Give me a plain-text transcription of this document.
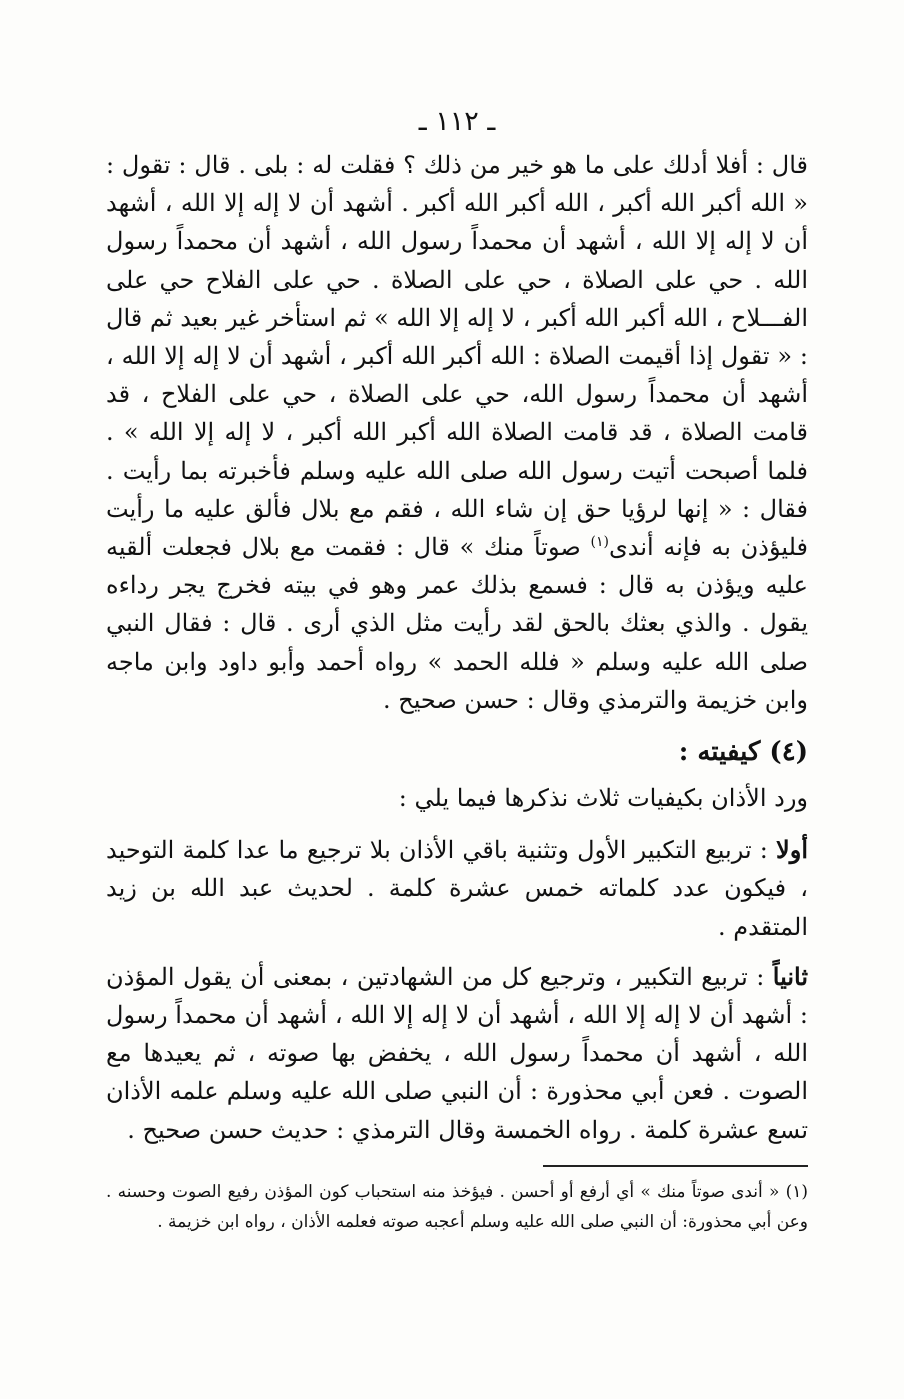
ـ ١١٢ ـ

قال : أفلا أدلك على ما هو خير من ذلك ؟ فقلت له : بلى . قال : تقول : « الله أكبر الله أكبر ، الله أكبر الله أكبر . أشهد أن لا إله إلا الله ، أشهد أن لا إله إلا الله ، أشهد أن محمداً رسول الله ، أشهد أن محمداً رسول الله . حي على الصلاة ، حي على الصلاة . حي على الفلاح حي على الفـــلاح ، الله أكبر الله أكبر ، لا إله إلا الله » ثم استأخر غير بعيد ثم قال : « تقول إذا أقيمت الصلاة : الله أكبر الله أكبر ، أشهد أن لا إله إلا الله ، أشهد أن محمداً رسول الله، حي على الصلاة ، حي على الفلاح ، قد قامت الصلاة ، قد قامت الصلاة الله أكبر الله أكبر ، لا إله إلا الله » . فلما أصبحت أتيت رسول الله صلى الله عليه وسلم فأخبرته بما رأيت . فقال : « إنها لرؤيا حق إن شاء الله ، فقم مع بلال فألق عليه ما رأيت فليؤذن به فإنه أندى$^{(١)}$ صوتاً منك » قال : فقمت مع بلال فجعلت ألقيه عليه ويؤذن به قال : فسمع بذلك عمر وهو في بيته فخرج يجر رداءه يقول . والذي بعثك بالحق لقد رأيت مثل الذي أرى . قال : فقال النبي صلى الله عليه وسلم « فلله الحمد » رواه أحمد وأبو داود وابن ماجه وابن خزيمة والترمذي وقال : حسن صحيح .

(٤) كيفيته :

ورد الأذان بكيفيات ثلاث نذكرها فيما يلي :

أولا : تربيع التكبير الأول وتثنية باقي الأذان بلا ترجيع ما عدا كلمة التوحيد ، فيكون عدد كلماته خمس عشرة كلمة . لحديث عبد الله بن زيد المتقدم .

ثانياً : تربيع التكبير ، وترجيع كل من الشهادتين ، بمعنى أن يقول المؤذن : أشهد أن لا إله إلا الله ، أشهد أن لا إله إلا الله ، أشهد أن محمداً رسول الله ، أشهد أن محمداً رسول الله ، يخفض بها صوته ، ثم يعيدها مع الصوت . فعن أبي محذورة : أن النبي صلى الله عليه وسلم علمه الأذان تسع عشرة كلمة . رواه الخمسة وقال الترمذي : حديث حسن صحيح .

(١) « أندى صوتاً منك » أي أرفع أو أحسن . فيؤخذ منه استحباب كون المؤذن رفيع الصوت وحسنه . وعن أبي محذورة: أن النبي صلى الله عليه وسلم أعجبه صوته فعلمه الأذان ، رواه ابن خزيمة .
